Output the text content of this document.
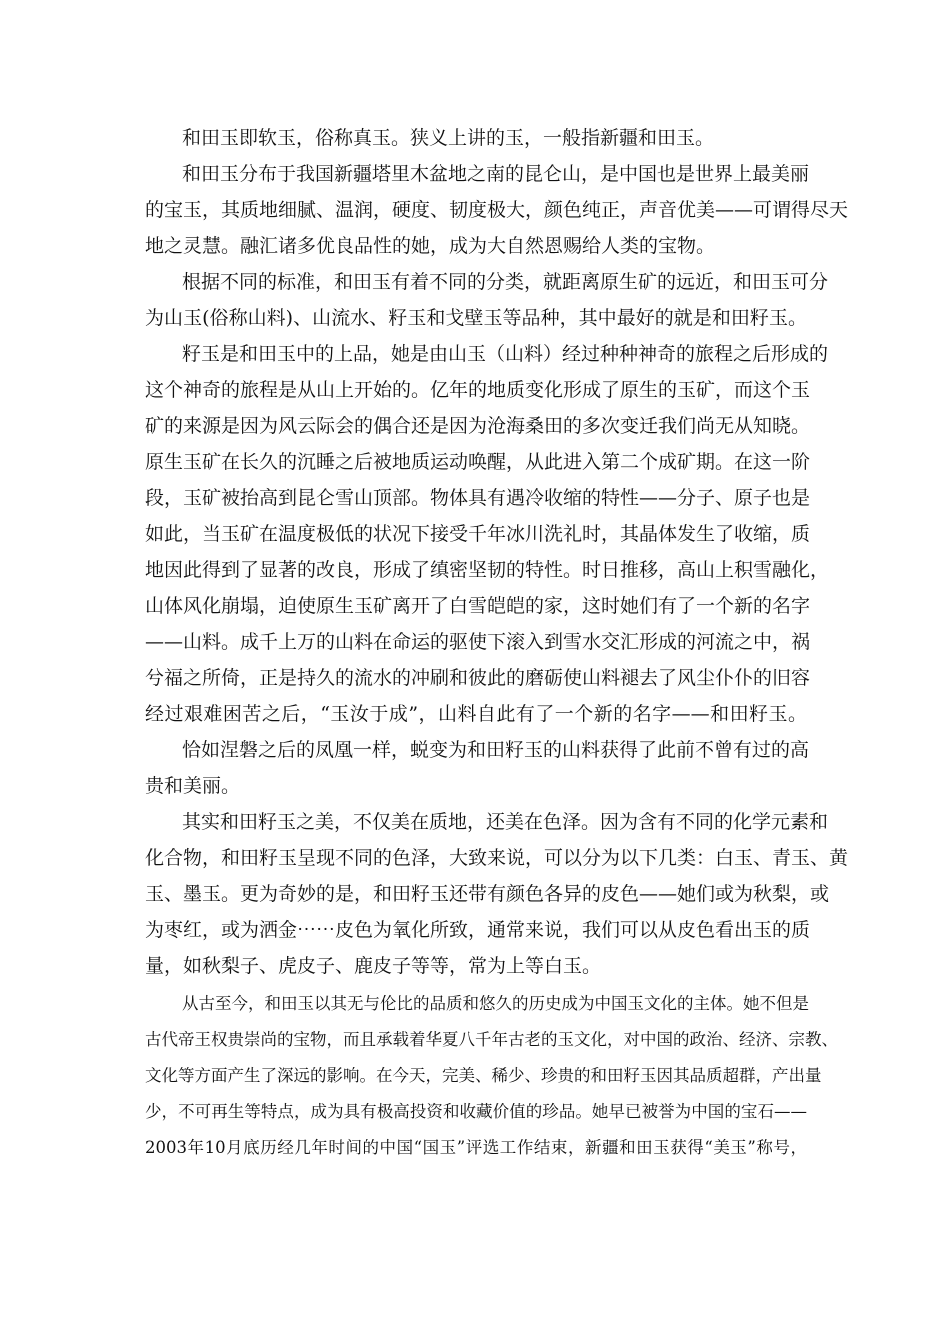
和田玉即软玉，俗称真玉。狭义上讲的玉，一般指新疆和田玉。
和田玉分布于我国新疆塔里木盆地之南的昆仑山，是中国也是世界上最美丽
的宝玉，其质地细腻、温润，硬度、韧度极大，颜色纯正，声音优美——可谓得尽天
地之灵慧。融汇诸多优良品性的她，成为大自然恩赐给人类的宝物。
根据不同的标准，和田玉有着不同的分类，就距离原生矿的远近，和田玉可分
为山玉(俗称山料)、山流水、籽玉和戈壁玉等品种，其中最好的就是和田籽玉。
籽玉是和田玉中的上品，她是由山玉（山料）经过种种神奇的旅程之后形成的
这个神奇的旅程是从山上开始的。亿年的地质变化形成了原生的玉矿，而这个玉
矿的来源是因为风云际会的偶合还是因为沧海桑田的多次变迁我们尚无从知晓。
原生玉矿在长久的沉睡之后被地质运动唤醒，从此进入第二个成矿期。在这一阶
段，玉矿被抬高到昆仑雪山顶部。物体具有遇冷收缩的特性——分子、原子也是
如此，当玉矿在温度极低的状况下接受千年冰川洗礼时，其晶体发生了收缩，质
地因此得到了显著的改良，形成了缜密坚韧的特性。时日推移，高山上积雪融化，
山体风化崩塌，迫使原生玉矿离开了白雪皑皑的家，这时她们有了一个新的名字
——山料。成千上万的山料在命运的驱使下滚入到雪水交汇形成的河流之中，祸
兮福之所倚，正是持久的流水的冲刷和彼此的磨砺使山料褪去了风尘仆仆的旧容
经过艰难困苦之后，“玉汝于成”，山料自此有了一个新的名字——和田籽玉。
恰如涅磐之后的凤凰一样，蜕变为和田籽玉的山料获得了此前不曾有过的高
贵和美丽。
其实和田籽玉之美，不仅美在质地，还美在色泽。因为含有不同的化学元素和
化合物，和田籽玉呈现不同的色泽，大致来说，可以分为以下几类：白玉、青玉、黄
玉、墨玉。更为奇妙的是，和田籽玉还带有颜色各异的皮色——她们或为秋梨，或
为枣红，或为洒金⋯⋯皮色为氧化所致，通常来说，我们可以从皮色看出玉的质
量，如秋梨子、虎皮子、鹿皮子等等，常为上等白玉。
从古至今，和田玉以其无与伦比的品质和悠久的历史成为中国玉文化的主体。她不但是
古代帝王权贵崇尚的宝物，而且承载着华夏八千年古老的玉文化，对中国的政治、经济、宗教、
文化等方面产生了深远的影响。在今天，完美、稀少、珍贵的和田籽玉因其品质超群，产出量
少，不可再生等特点，成为具有极高投资和收藏价值的珍品。她早已被誉为中国的宝石——
2003年10月底历经几年时间的中国“国玉”评选工作结束，新疆和田玉获得“美玉”称号，
